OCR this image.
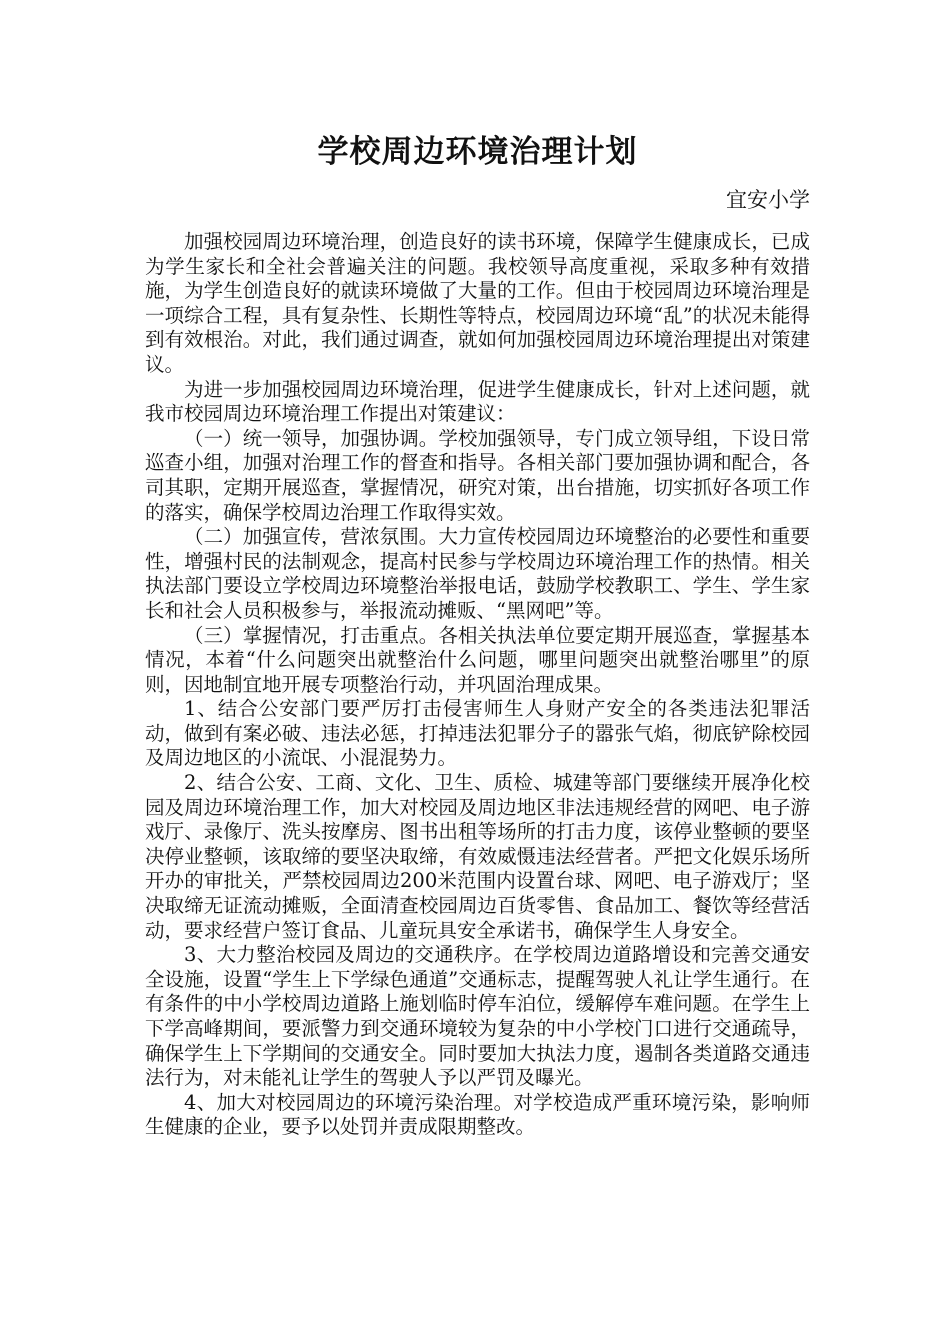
学校周边环境治理计划
宜安小学

加强校园周边环境治理，创造良好的读书环境，保障学生健康成长，已成为学生家长和全社会普遍关注的问题。我校领导高度重视，采取多种有效措施，为学生创造良好的就读环境做了大量的工作。但由于校园周边环境治理是一项综合工程，具有复杂性、长期性等特点，校园周边环境“乱”的状况未能得到有效根治。对此，我们通过调查，就如何加强校园周边环境治理提出对策建议。

为进一步加强校园周边环境治理，促进学生健康成长，针对上述问题，就我市校园周边环境治理工作提出对策建议：

（一）统一领导，加强协调。学校加强领导，专门成立领导组，下设日常巡查小组，加强对治理工作的督查和指导。各相关部门要加强协调和配合，各司其职，定期开展巡查，掌握情况，研究对策，出台措施，切实抓好各项工作的落实，确保学校周边治理工作取得实效。

（二）加强宣传，营浓氛围。大力宣传校园周边环境整治的必要性和重要性，增强村民的法制观念，提高村民参与学校周边环境治理工作的热情。相关执法部门要设立学校周边环境整治举报电话，鼓励学校教职工、学生、学生家长和社会人员积极参与，举报流动摊贩、“黑网吧”等。

（三）掌握情况，打击重点。各相关执法单位要定期开展巡查，掌握基本情况，本着“什么问题突出就整治什么问题，哪里问题突出就整治哪里”的原则，因地制宜地开展专项整治行动，并巩固治理成果。

1、结合公安部门要严厉打击侵害师生人身财产安全的各类违法犯罪活动，做到有案必破、违法必惩，打掉违法犯罪分子的嚣张气焰，彻底铲除校园及周边地区的小流氓、小混混势力。

2、结合公安、工商、文化、卫生、质检、城建等部门要继续开展净化校园及周边环境治理工作，加大对校园及周边地区非法违规经营的网吧、电子游戏厅、录像厅、洗头按摩房、图书出租等场所的打击力度，该停业整顿的要坚决停业整顿，该取缔的要坚决取缔，有效威慑违法经营者。严把文化娱乐场所开办的审批关，严禁校园周边200米范围内设置台球、网吧、电子游戏厅；坚决取缔无证流动摊贩，全面清查校园周边百货零售、食品加工、餐饮等经营活动，要求经营户签订食品、儿童玩具安全承诺书，确保学生人身安全。

3、大力整治校园及周边的交通秩序。在学校周边道路增设和完善交通安全设施，设置“学生上下学绿色通道”交通标志，提醒驾驶人礼让学生通行。在有条件的中小学校周边道路上施划临时停车泊位，缓解停车难问题。在学生上下学高峰期间，要派警力到交通环境较为复杂的中小学校门口进行交通疏导，确保学生上下学期间的交通安全。同时要加大执法力度，遏制各类道路交通违法行为，对未能礼让学生的驾驶人予以严罚及曝光。

4、加大对校园周边的环境污染治理。对学校造成严重环境污染，影响师生健康的企业，要予以处罚并责成限期整改。
